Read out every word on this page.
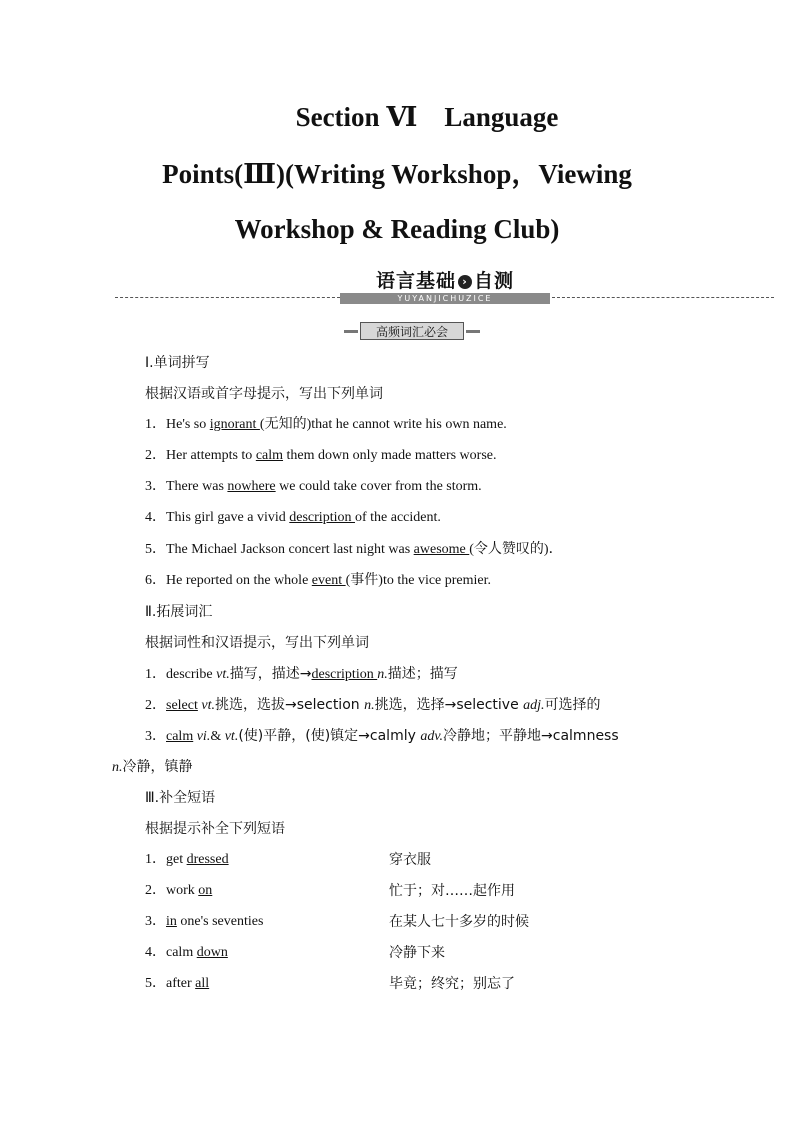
Section Ⅵ　Language
Points(Ⅲ)(Writing Workshop，Viewing
Workshop & Reading Club)
语言基础 › 自测
YUYANJICHUZICE
高频词汇必会
Ⅰ.单词拼写
根据汉语或首字母提示，写出下列单词
1．He's so ignorant (无知的)that he cannot write his own name.
2．Her attempts to calm them down only made matters worse.
3．There was nowhere we could take cover from the storm.
4．This girl gave a vivid description of the accident.
5．The Michael Jackson concert last night was awesome (令人赞叹的)．
6．He reported on the whole event (事件)to the vice premier.
Ⅱ.拓展词汇
根据词性和汉语提示，写出下列单词
1．describe vt.描写，描述→description n.描述；描写
2．select vt.挑选，选拔→selection n.挑选，选择→selective adj.可选择的
3．calm vi.& vt.(使)平静，(使)镇定→calmly adv.冷静地；平静地→calmness
n.冷静，镇静
Ⅲ.补全短语
根据提示补全下列短语
1．get dressed	穿衣服
2．work on	忙于；对……起作用
3．in one's seventies	在某人七十多岁的时候
4．calm down	冷静下来
5．after all	毕竟；终究；别忘了
